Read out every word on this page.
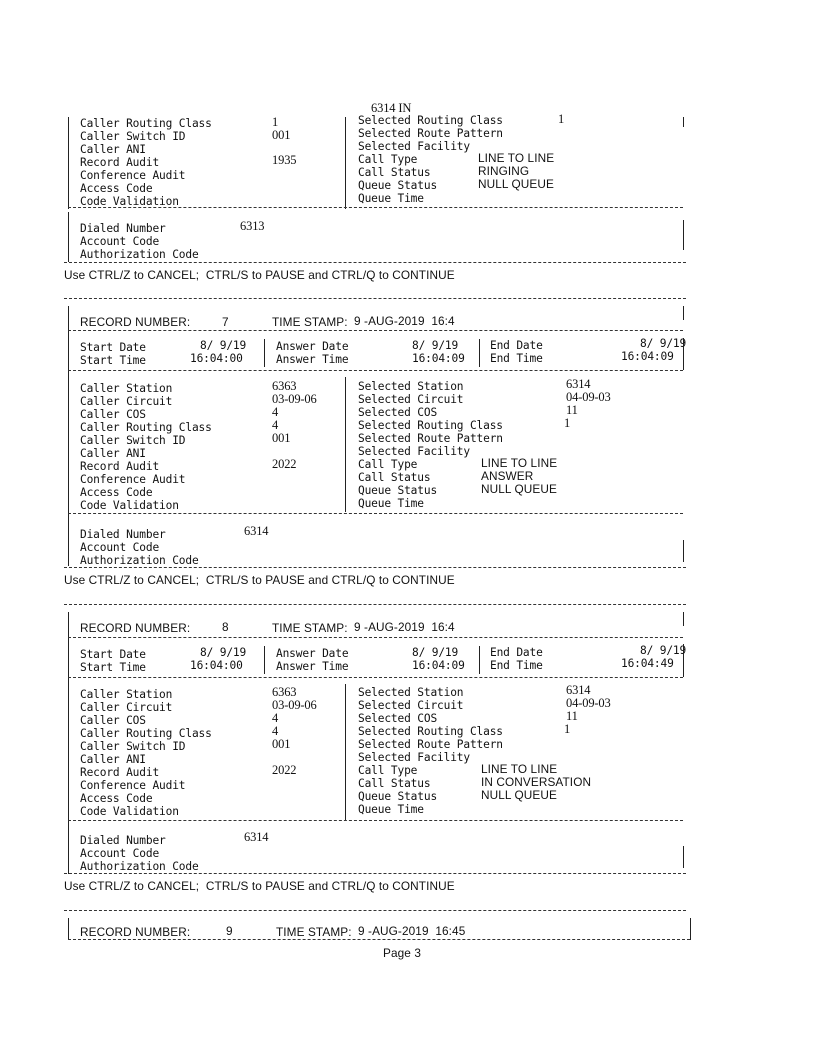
6314 IN
Caller Routing Class	1
Caller Switch ID	001
Caller ANI
Record Audit	1935
Conference Audit
Access Code
Code Validation
Selected Routing Class	1
Selected Route Pattern
Selected Facility
Call Type	LINE TO LINE
Call Status	RINGING
Queue Status	NULL QUEUE
Queue Time
Dialed Number	6313
Account Code
Authorization Code
Use CTRL/Z to CANCEL;  CTRL/S to PAUSE and CTRL/Q to CONTINUE
RECORD NUMBER:	7	TIME STAMP: 9 -AUG-2019  16:4
Start Date	8/ 9/19	Answer Date	8/ 9/19	End Date	8/ 9/19
Start Time	16:04:00	Answer Time	16:04:09 End Time	16:04:09
Caller Station	6363
Caller Circuit	03-09-06
Caller COS	4
Caller Routing Class	4
Caller Switch ID	001
Caller ANI
Record Audit	2022
Conference Audit
Access Code
Code Validation
Selected Station	6314
Selected Circuit	04-09-03
Selected COS	11
Selected Routing Class	1
Selected Route Pattern
Selected Facility
Call Type	LINE TO LINE
Call Status	ANSWER
Queue Status	NULL QUEUE
Queue Time
Dialed Number	6314
Account Code
Authorization Code
Use CTRL/Z to CANCEL;  CTRL/S to PAUSE and CTRL/Q to CONTINUE
RECORD NUMBER:	8	TIME STAMP: 9 -AUG-2019  16:4
Start Date	8/ 9/19	Answer Date	8/ 9/19	End Date	8/ 9/19
Start Time	16:04:00	Answer Time	16:04:09 End Time	16:04:49
Caller Station	6363
Caller Circuit	03-09-06
Caller COS	4
Caller Routing Class	4
Caller Switch ID	001
Caller ANI
Record Audit	2022
Conference Audit
Access Code
Code Validation
Selected Station	6314
Selected Circuit	04-09-03
Selected COS	11
Selected Routing Class	1
Selected Route Pattern
Selected Facility
Call Type	LINE TO LINE
Call Status	IN CONVERSATION
Queue Status	NULL QUEUE
Queue Time
Dialed Number	6314
Account Code
Authorization Code
Use CTRL/Z to CANCEL;  CTRL/S to PAUSE and CTRL/Q to CONTINUE
RECORD NUMBER:	9	TIME STAMP: 9 -AUG-2019  16:45
Page 3
